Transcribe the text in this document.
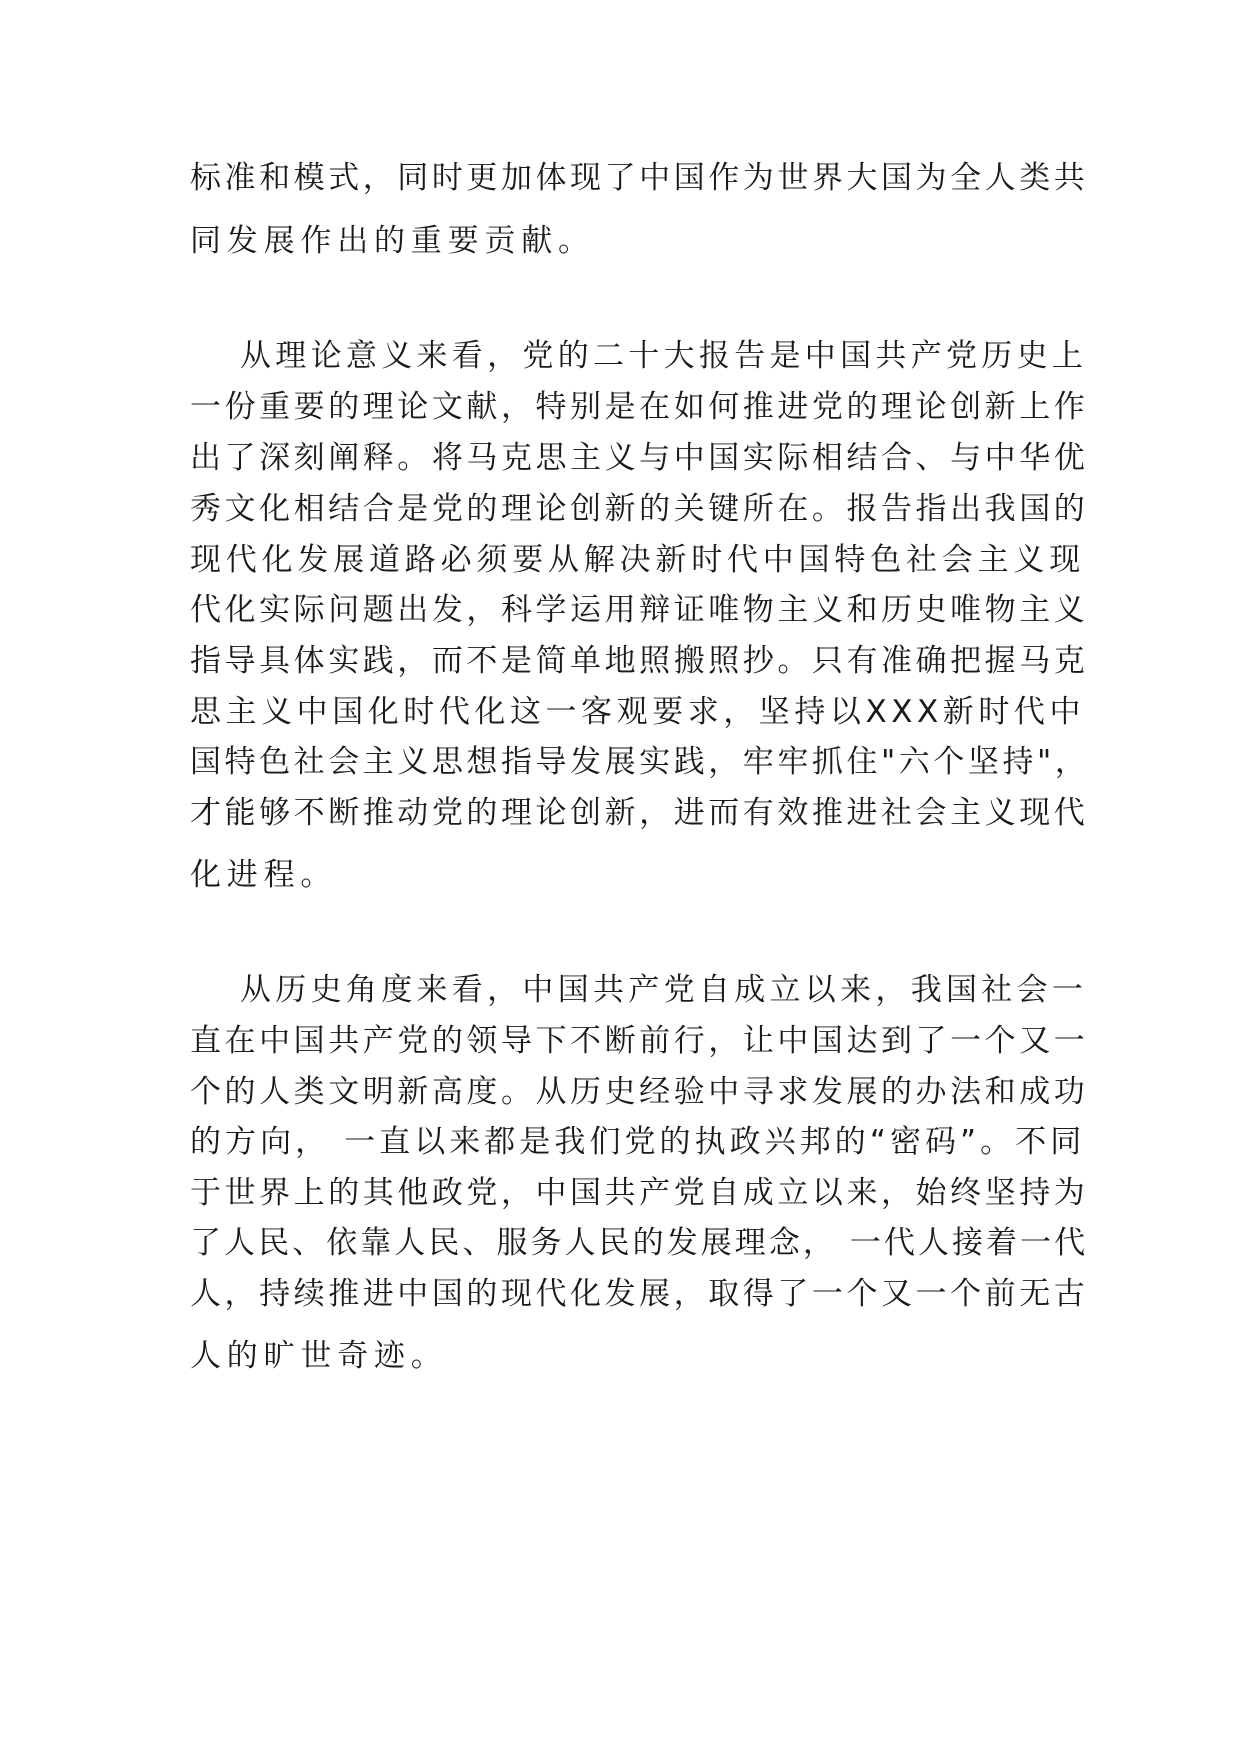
标准和模式，同时更加体现了中国作为世界大国为全人类共
同发展作出的重要贡献。
从理论意义来看，党的二十大报告是中国共产党历史上
一份重要的理论文献，特别是在如何推进党的理论创新上作
出了深刻阐释。将马克思主义与中国实际相结合、与中华优
秀文化相结合是党的理论创新的关键所在。报告指出我国的
现代化发展道路必须要从解决新时代中国特色社会主义现
代化实际问题出发，科学运用辩证唯物主义和历史唯物主义
指导具体实践，而不是简单地照搬照抄。只有准确把握马克
思主义中国化时代化这一客观要求，坚持以XXX新时代中
国特色社会主义思想指导发展实践，牢牢抓住"六个坚持"，
才能够不断推动党的理论创新，进而有效推进社会主义现代
化进程。
从历史角度来看，中国共产党自成立以来，我国社会一
直在中国共产党的领导下不断前行，让中国达到了一个又一
个的人类文明新高度。从历史经验中寻求发展的办法和成功
的方向， 一直以来都是我们党的执政兴邦的“密码”。不同
于世界上的其他政党，中国共产党自成立以来，始终坚持为
了人民、依靠人民、服务人民的发展理念， 一代人接着一代
人，持续推进中国的现代化发展，取得了一个又一个前无古
人的旷世奇迹。
